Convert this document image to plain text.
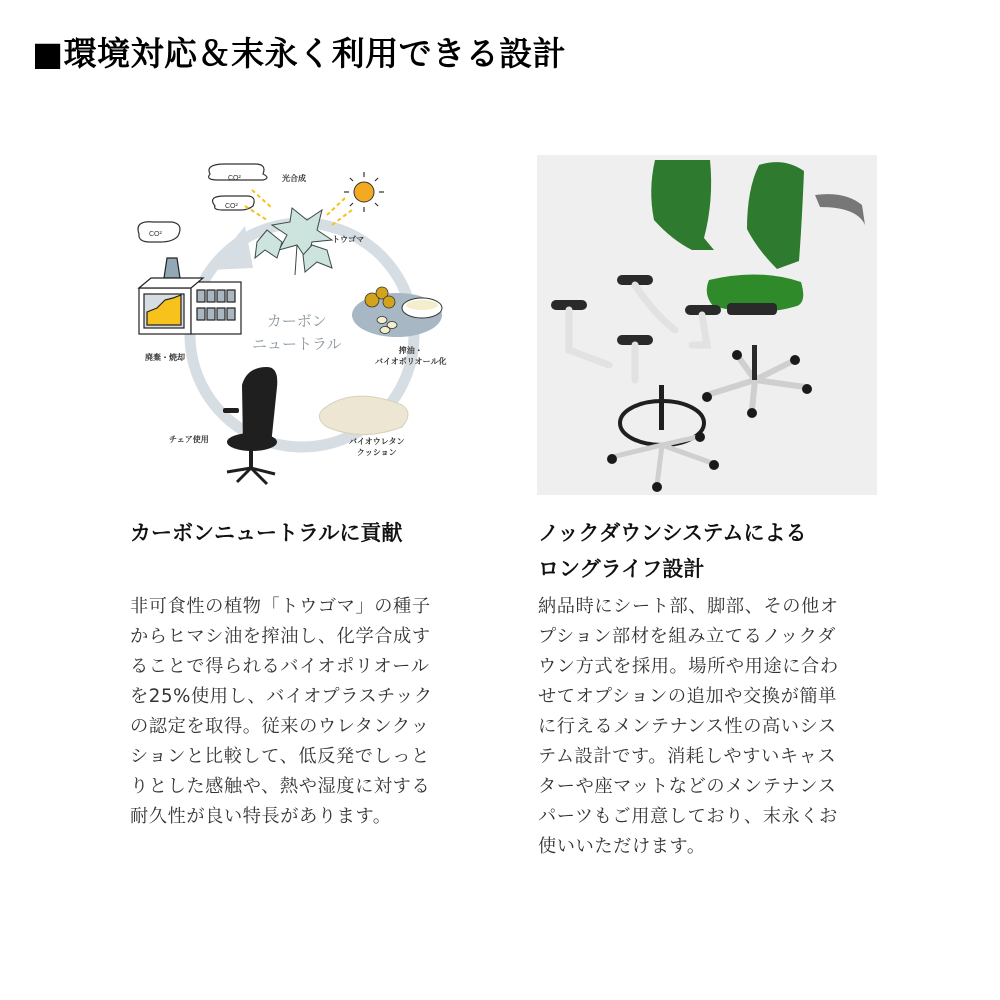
■環境対応＆末永く利用できる設計
CO²
CO²
CO²
カーボン
ニュートラル
光合成
トウゴマ
搾油・
バイオポリオール化
バイオウレタン
クッション
チェア使用
廃棄・焼却
カーボンニュートラルに貢献
非可食性の植物「トウゴマ」の種子
からヒマシ油を搾油し、化学合成す
ることで得られるバイオポリオール
を25%使用し、バイオプラスチック
の認定を取得。従来のウレタンクッ
ションと比較して、低反発でしっと
りとした感触や、熱や湿度に対する
耐久性が良い特長があります。
ノックダウンシステムによる
ロングライフ設計
納品時にシート部、脚部、その他オ
プション部材を組み立てるノックダ
ウン方式を採用。場所や用途に合わ
せてオプションの追加や交換が簡単
に行えるメンテナンス性の高いシス
テム設計です。消耗しやすいキャス
ターや座マットなどのメンテナンス
パーツもご用意しており、末永くお
使いいただけます。
